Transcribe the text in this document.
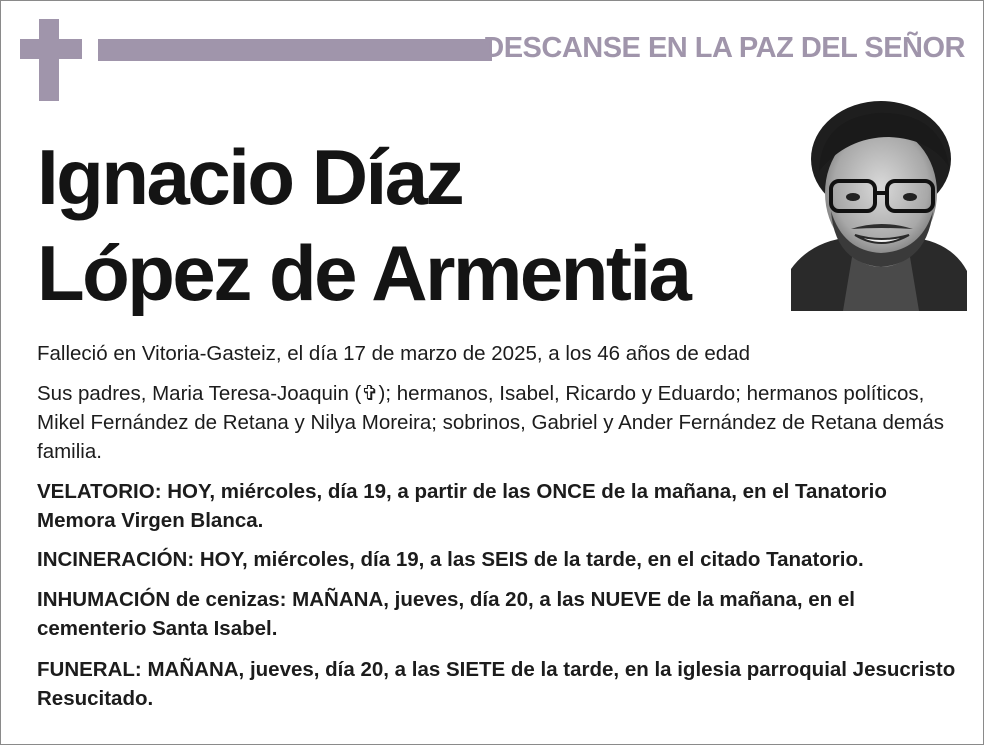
DESCANSE EN LA PAZ DEL SEÑOR
Ignacio Díaz
López de Armentia

Falleció en Vitoria-Gasteiz, el día 17 de marzo de 2025, a los 46 años de edad

Sus padres, Maria Teresa-Joaquin (✞); hermanos, Isabel, Ricardo y Eduardo; hermanos políticos, Mikel Fernández de Retana y Nilya Moreira; sobrinos, Gabriel y Ander Fernández de Retana demás familia.

VELATORIO: HOY, miércoles, día 19, a partir de las ONCE de la mañana, en el Tanatorio Memora Virgen Blanca.

INCINERACIÓN: HOY, miércoles, día 19, a las SEIS de la tarde, en el citado Tanatorio.

INHUMACIÓN de cenizas: MAÑANA, jueves, día 20, a las NUEVE de la mañana, en el cementerio Santa Isabel.

FUNERAL: MAÑANA, jueves, día 20, a las SIETE de la tarde, en la iglesia parroquial Jesucristo Resucitado.
